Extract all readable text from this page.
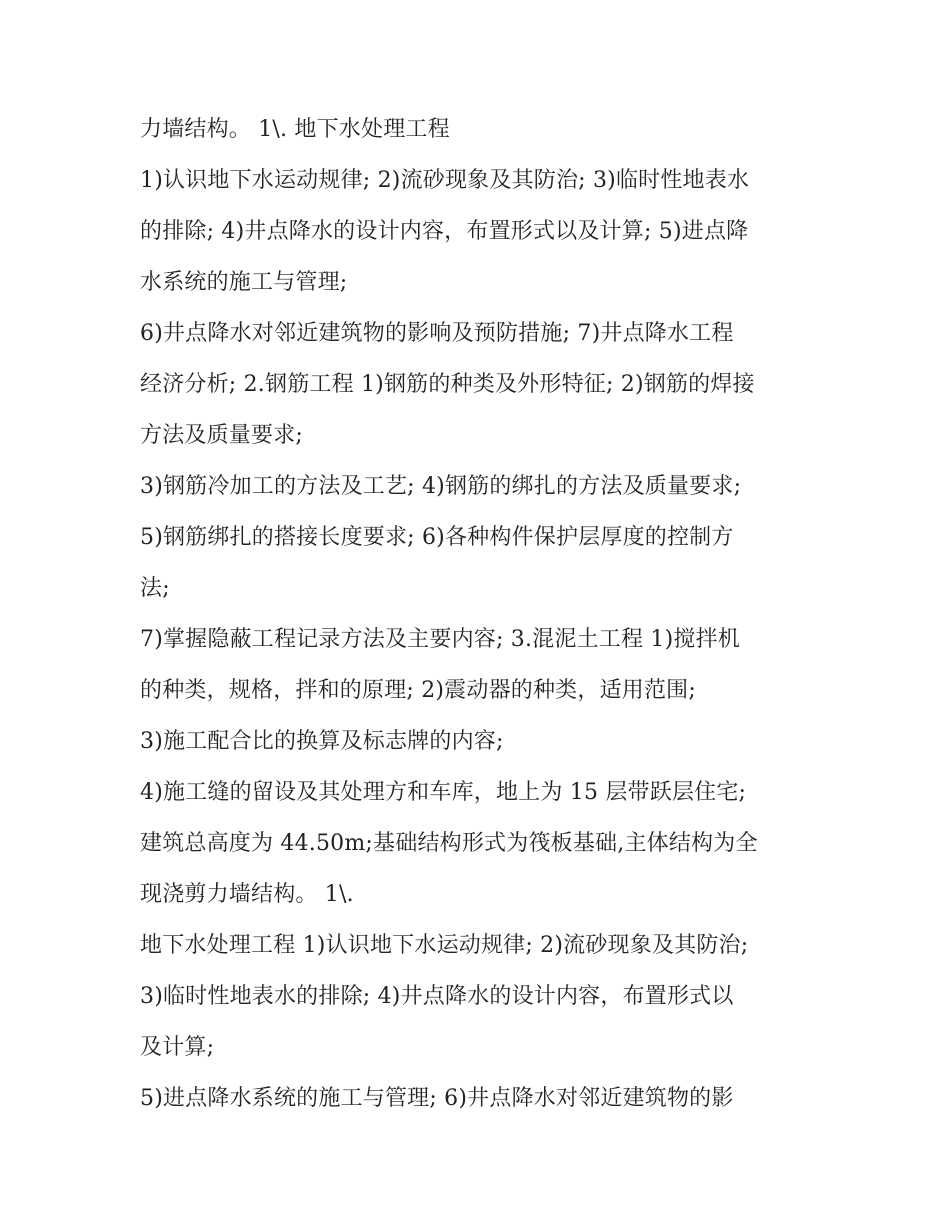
力墙结构。 1\. 地下水处理工程
1)认识地下水运动规律; 2)流砂现象及其防治; 3)临时性地表水
的排除; 4)井点降水的设计内容，布置形式以及计算; 5)进点降
水系统的施工与管理;
6)井点降水对邻近建筑物的影响及预防措施; 7)井点降水工程
经济分析; 2.钢筋工程 1)钢筋的种类及外形特征; 2)钢筋的焊接
方法及质量要求;
3)钢筋冷加工的方法及工艺; 4)钢筋的绑扎的方法及质量要求;
5)钢筋绑扎的搭接长度要求; 6)各种构件保护层厚度的控制方
法;
7)掌握隐蔽工程记录方法及主要内容; 3.混泥土工程 1)搅拌机
的种类，规格，拌和的原理; 2)震动器的种类，适用范围;
3)施工配合比的换算及标志牌的内容;
4)施工缝的留设及其处理方和车库，地上为 15 层带跃层住宅;
建筑总高度为 44.50m;基础结构形式为筏板基础,主体结构为全
现浇剪力墙结构。 1\.
地下水处理工程 1)认识地下水运动规律; 2)流砂现象及其防治;
3)临时性地表水的排除; 4)井点降水的设计内容，布置形式以
及计算;
5)进点降水系统的施工与管理; 6)井点降水对邻近建筑物的影
